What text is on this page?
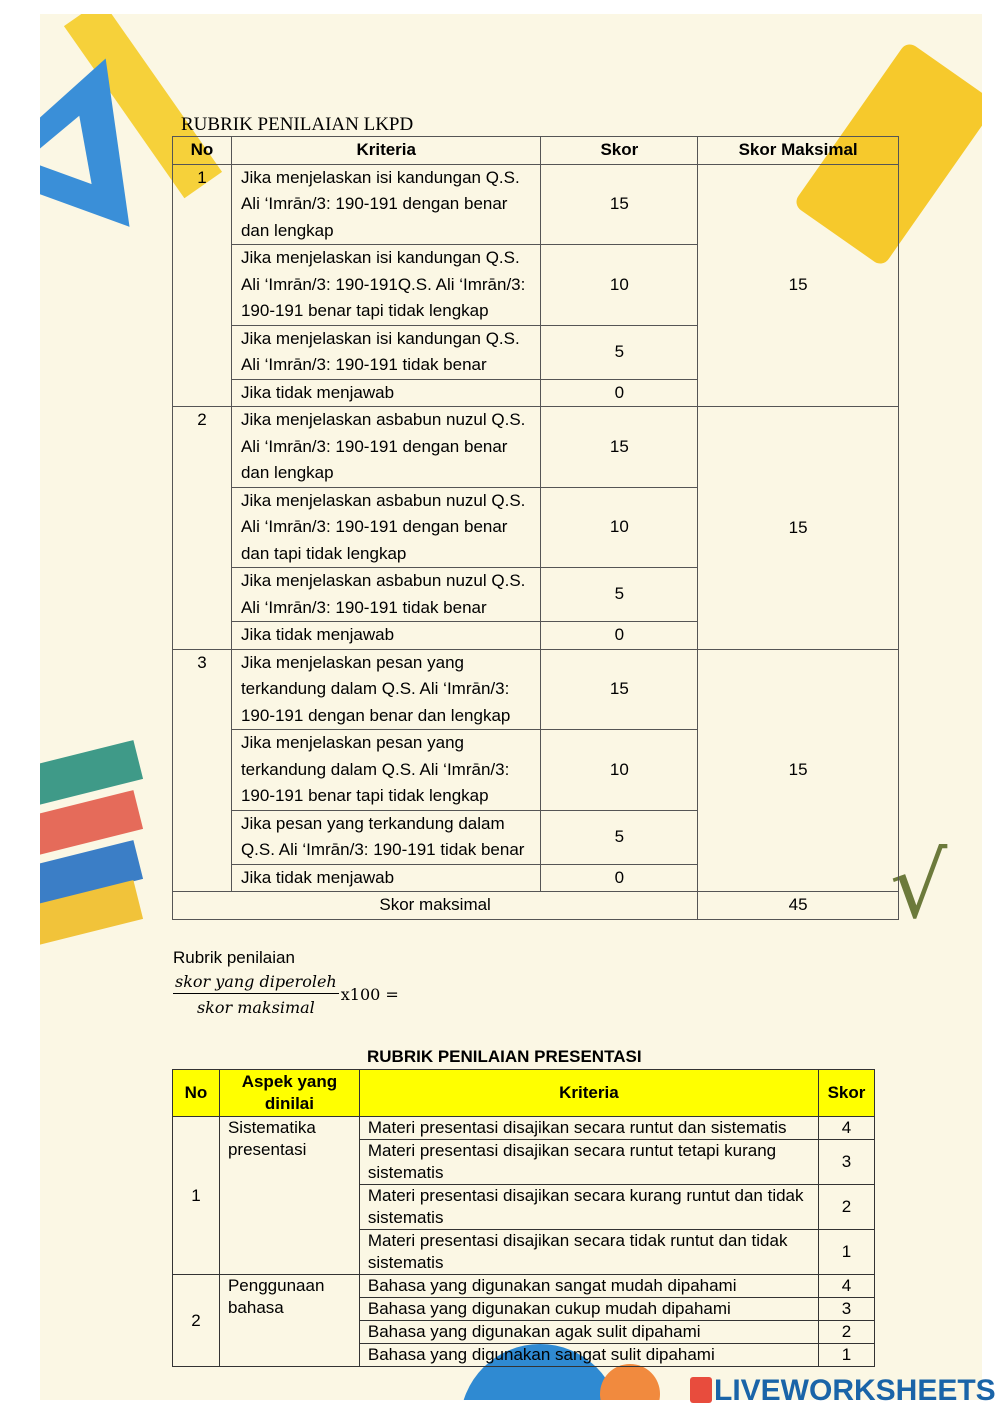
√
RUBRIK PENILAIAN LKPD
No	Kriteria	Skor	Skor Maksimal
1	Jika menjelaskan isi kandungan Q.S. Ali ‘Imrān/3: 190-191 dengan benar dan lengkap	15	15
	Jika menjelaskan isi kandungan Q.S. Ali ‘Imrān/3: 190-191Q.S. Ali ‘Imrān/3: 190-191 benar tapi tidak lengkap	10	
	Jika menjelaskan isi kandungan Q.S. Ali ‘Imrān/3: 190-191 tidak benar	5	
	Jika tidak menjawab	0	
2	Jika menjelaskan asbabun nuzul Q.S. Ali ‘Imrān/3: 190-191 dengan benar dan lengkap	15	15
	Jika menjelaskan asbabun nuzul Q.S. Ali ‘Imrān/3: 190-191 dengan benar dan tapi tidak lengkap	10	
	Jika menjelaskan asbabun nuzul Q.S. Ali ‘Imrān/3: 190-191 tidak benar	5	
	Jika tidak menjawab	0	
3	Jika menjelaskan pesan yang terkandung dalam Q.S. Ali ‘Imrān/3: 190-191 dengan benar dan lengkap	15	15
	Jika menjelaskan pesan yang terkandung dalam Q.S. Ali ‘Imrān/3: 190-191 benar tapi tidak lengkap	10	
	Jika pesan yang terkandung dalam Q.S. Ali ‘Imrān/3: 190-191 tidak benar	5	
	Jika tidak menjawab	0	
Skor maksimal			45
Rubrik penilaian
$\frac{\text{skor yang diperoleh}}{\text{skor maksimal}} x100$ =
RUBRIK PENILAIAN PRESENTASI
No	Aspek yang dinilai	Kriteria	Skor
1	Sistematika presentasi	Materi presentasi disajikan secara runtut dan sistematis	4
		Materi presentasi disajikan secara runtut tetapi kurang sistematis	3
		Materi presentasi disajikan secara kurang runtut dan tidak sistematis	2
		Materi presentasi disajikan secara tidak runtut dan tidak sistematis	1
2	Penggunaan bahasa	Bahasa yang digunakan sangat mudah dipahami	4
		Bahasa yang digunakan cukup mudah dipahami	3
		Bahasa yang digunakan agak sulit dipahami	2
		Bahasa yang digunakan sangat sulit dipahami	1
LIVEWORKSHEETS
